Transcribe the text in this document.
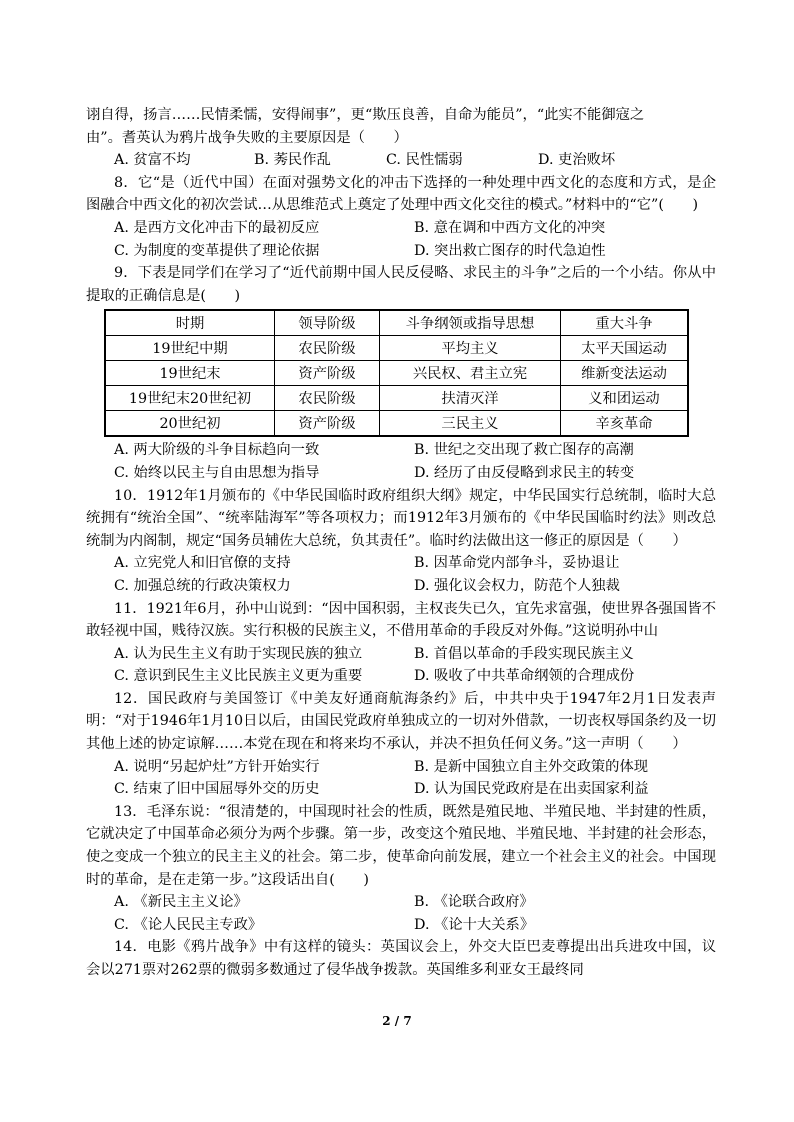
诩自得，扬言……民情柔懦，安得闹事”，更“欺压良善，自命为能员”，“此实不能御寇之
由”。耆英认为鸦片战争失败的主要原因是（　　）

A. 贫富不均	B. 莠民作乱	C. 民性懦弱	D. 吏治败坏

8．它“是（近代中国）在面对强势文化的冲击下选择的一种处理中西文化的态度和方式，是企图融合中西文化的初次尝试…从思维范式上奠定了处理中西文化交往的模式。”材料中的“它”(　　)

A. 是西方文化冲击下的最初反应	B. 意在调和中西方文化的冲突
C. 为制度的变革提供了理论依据	D. 突出救亡图存的时代急迫性

9．下表是同学们在学习了“近代前期中国人民反侵略、求民主的斗争”之后的一个小结。你从中提取的正确信息是(　　)

时期	领导阶级	斗争纲领或指导思想	重大斗争
19世纪中期	农民阶级	平均主义	太平天国运动
19世纪末	资产阶级	兴民权、君主立宪	维新变法运动
19世纪末20世纪初	农民阶级	扶清灭洋	义和团运动
20世纪初	资产阶级	三民主义	辛亥革命
A. 两大阶级的斗争目标趋向一致	B. 世纪之交出现了救亡图存的高潮
C. 始终以民主与自由思想为指导	D. 经历了由反侵略到求民主的转变

10．1912年1月颁布的《中华民国临时政府组织大纲》规定，中华民国实行总统制，临时大总统拥有“统治全国”、“统率陆海军”等各项权力；而1912年3月颁布的《中华民国临时约法》则改总统制为内阁制，规定“国务员辅佐大总统，负其责任”。临时约法做出这一修正的原因是（　　）

A. 立宪党人和旧官僚的支持	B. 因革命党内部争斗，妥协退让
C. 加强总统的行政决策权力	D. 强化议会权力，防范个人独裁

11．1921年6月，孙中山说到：“因中国积弱，主权丧失已久，宜先求富强，使世界各强国皆不敢轻视中国，贱待汉族。实行积极的民族主义，不借用革命的手段反对外侮。”这说明孙中山

A. 认为民生主义有助于实现民族的独立	B. 首倡以革命的手段实现民族主义
C. 意识到民生主义比民族主义更为重要	D. 吸收了中共革命纲领的合理成份

12．国民政府与美国签订《中美友好通商航海条约》后，中共中央于1947年2月1日发表声明：“对于1946年1月10日以后，由国民党政府单独成立的一切对外借款，一切丧权辱国条约及一切其他上述的协定谅解……本党在现在和将来均不承认，并决不担负任何义务。”这一声明（　　）

A. 说明“另起炉灶”方针开始实行	B. 是新中国独立自主外交政策的体现
C. 结束了旧中国屈辱外交的历史	D. 认为国民党政府是在出卖国家利益

13．毛泽东说：“很清楚的，中国现时社会的性质，既然是殖民地、半殖民地、半封建的性质，它就决定了中国革命必须分为两个步骤。第一步，改变这个殖民地、半殖民地、半封建的社会形态，使之变成一个独立的民主主义的社会。第二步，使革命向前发展，建立一个社会主义的社会。中国现时的革命，是在走第一步。”这段话出自(　　)

A. 《新民主主义论》	B. 《论联合政府》
C. 《论人民民主专政》	D. 《论十大关系》

14．电影《鸦片战争》中有这样的镜头：英国议会上，外交大臣巴麦尊提出出兵进攻中国，议会以271票对262票的微弱多数通过了侵华战争拨款。英国维多利亚女王最终同

2 / 7
